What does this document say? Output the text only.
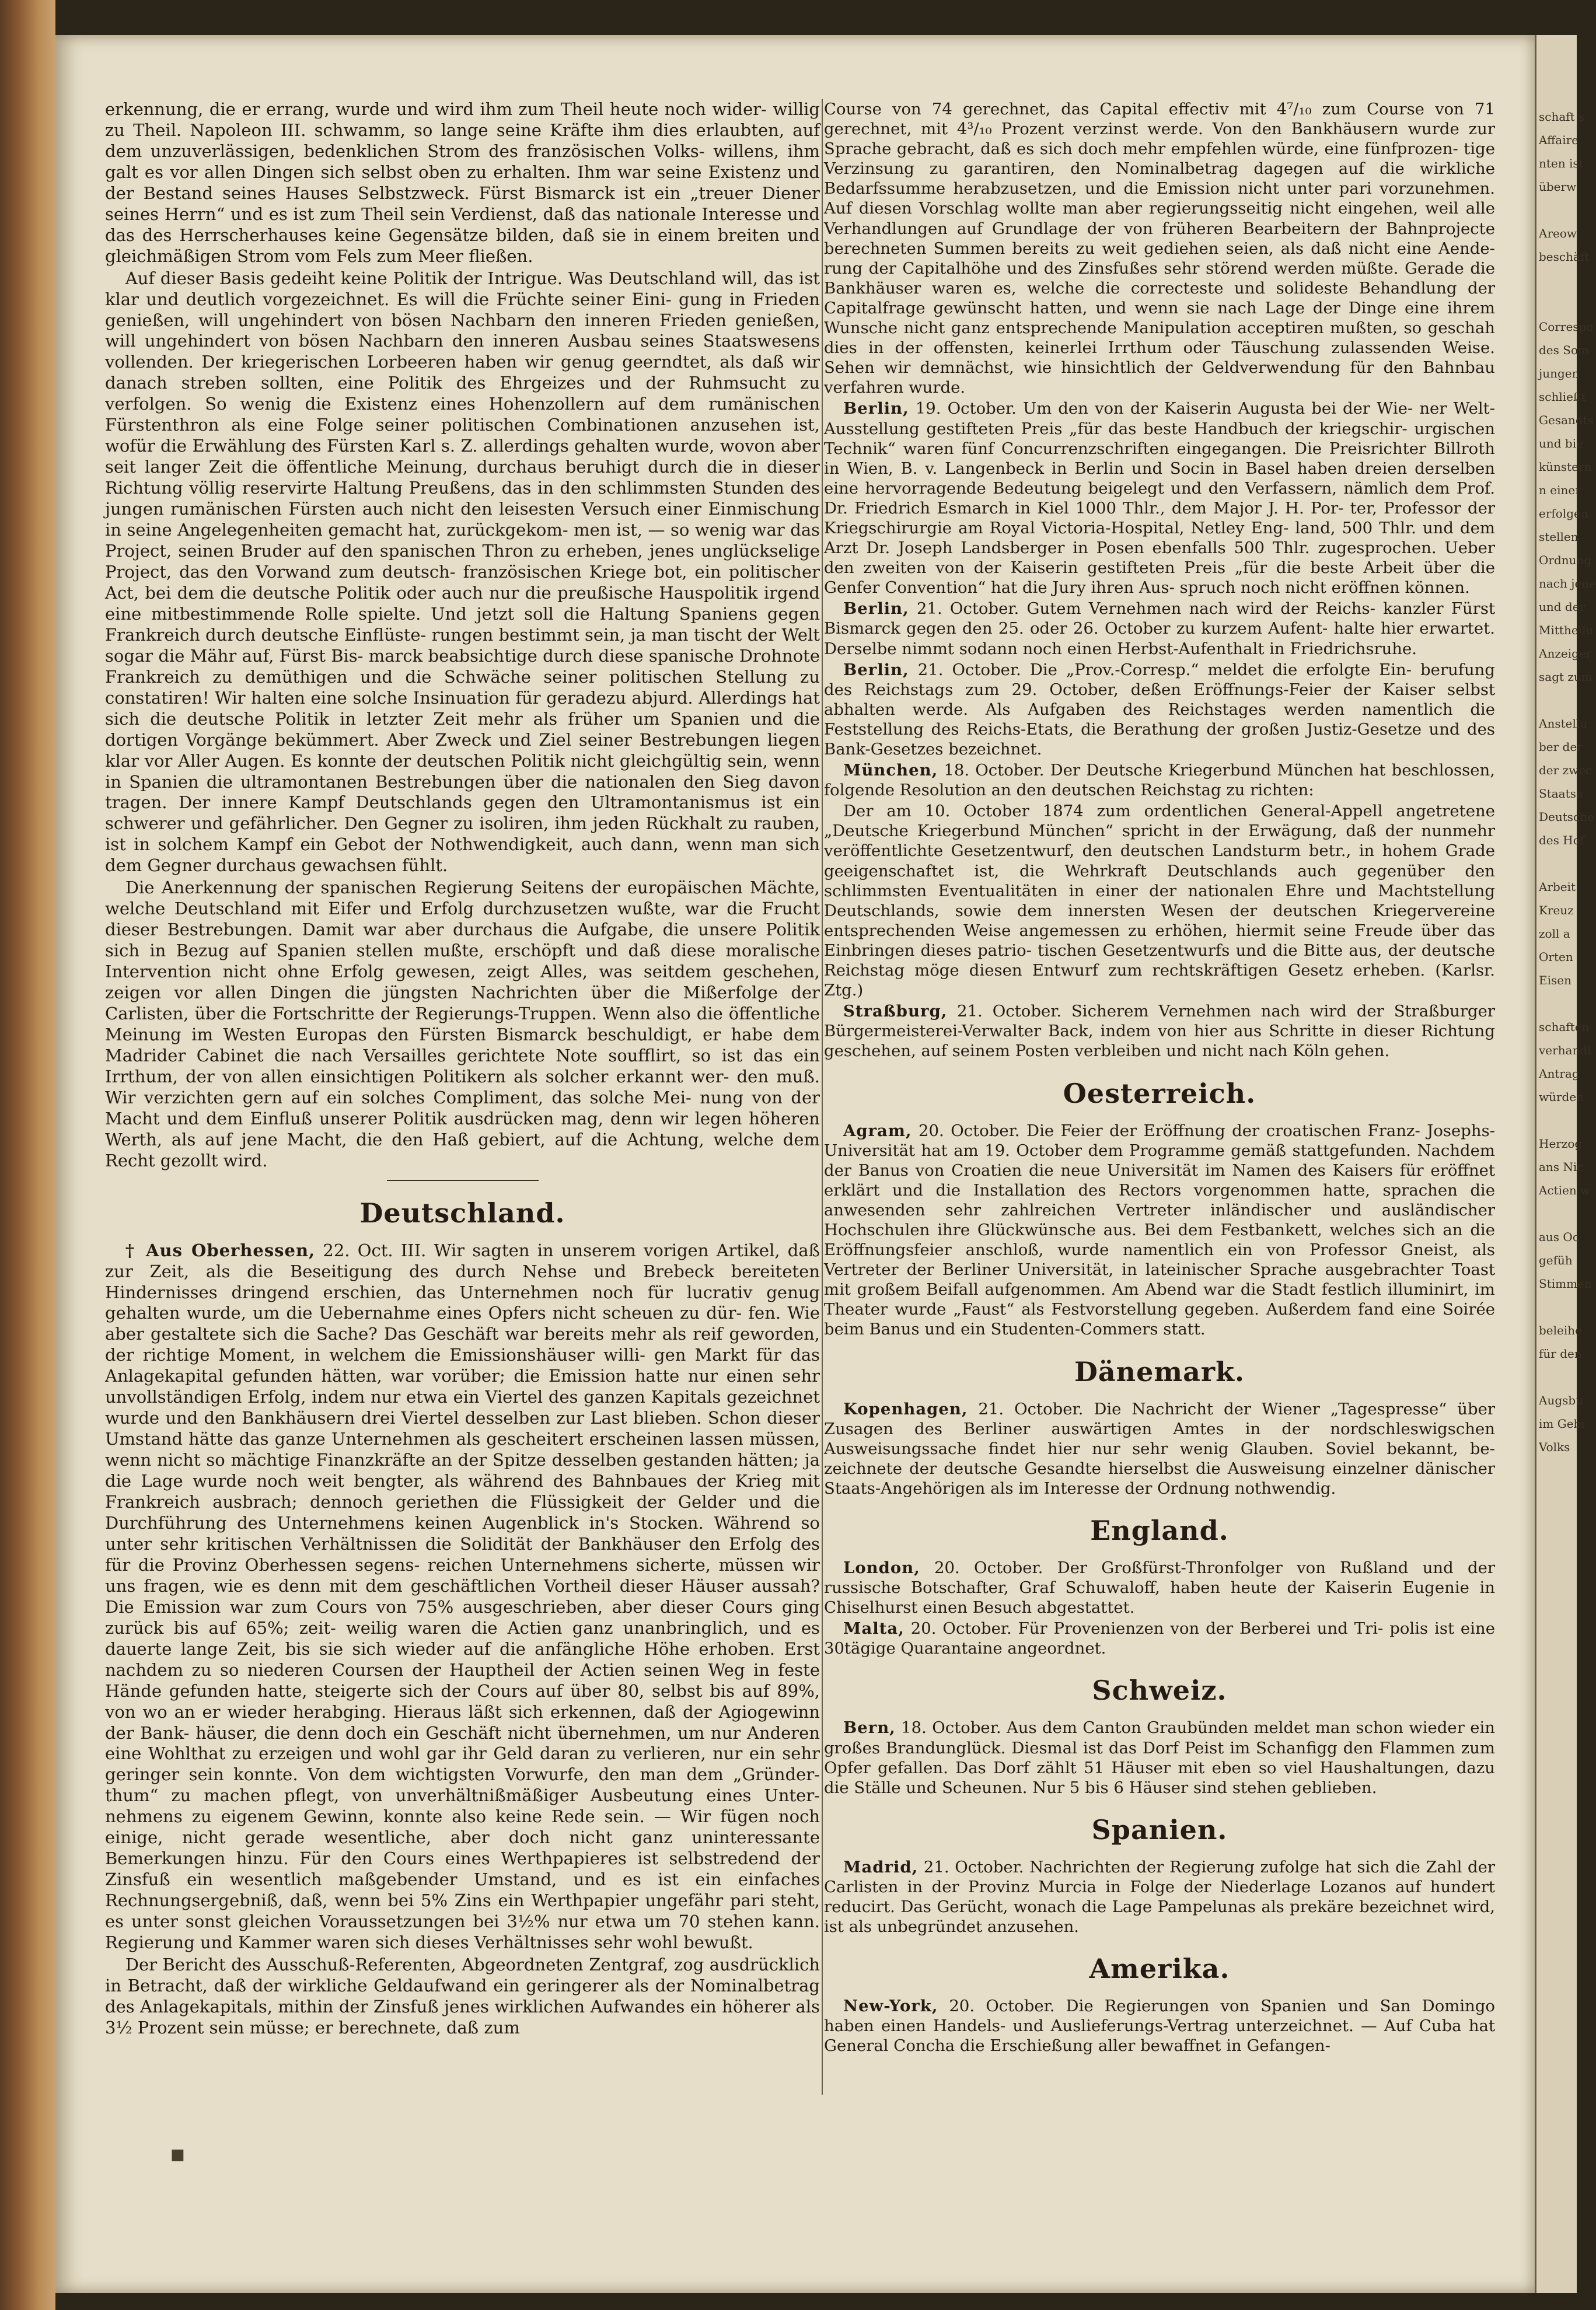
erkennung, die er errang, wurde und wird ihm zum Theil heute noch wider- willig zu Theil. Napoleon III. schwamm, so lange seine Kräfte ihm dies erlaubten, auf dem unzuverlässigen, bedenklichen Strom des französischen Volks- willens, ihm galt es vor allen Dingen sich selbst oben zu erhalten. Ihm war seine Existenz und der Bestand seines Hauses Selbstzweck. Fürst Bismarck ist ein „treuer Diener seines Herrn“ und es ist zum Theil sein Verdienst, daß das nationale Interesse und das des Herrscherhauses keine Gegensätze bilden, daß sie in einem breiten und gleichmäßigen Strom vom Fels zum Meer fließen.

Auf dieser Basis gedeiht keine Politik der Intrigue. Was Deutschland will, das ist klar und deutlich vorgezeichnet. Es will die Früchte seiner Eini- gung in Frieden genießen, will ungehindert von bösen Nachbarn den inneren Frieden genießen, will ungehindert von bösen Nachbarn den inneren Ausbau seines Staatswesens vollenden. Der kriegerischen Lorbeeren haben wir genug geerndtet, als daß wir danach streben sollten, eine Politik des Ehrgeizes und der Ruhmsucht zu verfolgen. So wenig die Existenz eines Hohenzollern auf dem rumänischen Fürstenthron als eine Folge seiner politischen Combinationen anzusehen ist, wofür die Erwählung des Fürsten Karl s. Z. allerdings gehalten wurde, wovon aber seit langer Zeit die öffentliche Meinung, durchaus beruhigt durch die in dieser Richtung völlig reservirte Haltung Preußens, das in den schlimmsten Stunden des jungen rumänischen Fürsten auch nicht den leisesten Versuch einer Einmischung in seine Angelegenheiten gemacht hat, zurückgekom- men ist, — so wenig war das Project, seinen Bruder auf den spanischen Thron zu erheben, jenes unglückselige Project, das den Vorwand zum deutsch- französischen Kriege bot, ein politischer Act, bei dem die deutsche Politik oder auch nur die preußische Hauspolitik irgend eine mitbestimmende Rolle spielte. Und jetzt soll die Haltung Spaniens gegen Frankreich durch deutsche Einflüste- rungen bestimmt sein, ja man tischt der Welt sogar die Mähr auf, Fürst Bis- marck beabsichtige durch diese spanische Drohnote Frankreich zu demüthigen und die Schwäche seiner politischen Stellung zu constatiren! Wir halten eine solche Insinuation für geradezu abjurd. Allerdings hat sich die deutsche Politik in letzter Zeit mehr als früher um Spanien und die dortigen Vorgänge bekümmert. Aber Zweck und Ziel seiner Bestrebungen liegen klar vor Aller Augen. Es konnte der deutschen Politik nicht gleichgültig sein, wenn in Spanien die ultramontanen Bestrebungen über die nationalen den Sieg davon tragen. Der innere Kampf Deutschlands gegen den Ultramontanismus ist ein schwerer und gefährlicher. Den Gegner zu isoliren, ihm jeden Rückhalt zu rauben, ist in solchem Kampf ein Gebot der Nothwendigkeit, auch dann, wenn man sich dem Gegner durchaus gewachsen fühlt.

Die Anerkennung der spanischen Regierung Seitens der europäischen Mächte, welche Deutschland mit Eifer und Erfolg durchzusetzen wußte, war die Frucht dieser Bestrebungen. Damit war aber durchaus die Aufgabe, die unsere Politik sich in Bezug auf Spanien stellen mußte, erschöpft und daß diese moralische Intervention nicht ohne Erfolg gewesen, zeigt Alles, was seitdem geschehen, zeigen vor allen Dingen die jüngsten Nachrichten über die Mißerfolge der Carlisten, über die Fortschritte der Regierungs-Truppen. Wenn also die öffentliche Meinung im Westen Europas den Fürsten Bismarck beschuldigt, er habe dem Madrider Cabinet die nach Versailles gerichtete Note soufflirt, so ist das ein Irrthum, der von allen einsichtigen Politikern als solcher erkannt wer- den muß. Wir verzichten gern auf ein solches Compliment, das solche Mei- nung von der Macht und dem Einfluß unserer Politik ausdrücken mag, denn wir legen höheren Werth, als auf jene Macht, die den Haß gebiert, auf die Achtung, welche dem Recht gezollt wird.

Deutschland.

† Aus Oberhessen, 22. Oct. III. Wir sagten in unserem vorigen Artikel, daß zur Zeit, als die Beseitigung des durch Nehse und Brebeck bereiteten Hindernisses dringend erschien, das Unternehmen noch für lucrativ genug gehalten wurde, um die Uebernahme eines Opfers nicht scheuen zu dür- fen. Wie aber gestaltete sich die Sache? Das Geschäft war bereits mehr als reif geworden, der richtige Moment, in welchem die Emissionshäuser willi- gen Markt für das Anlagekapital gefunden hätten, war vorüber; die Emission hatte nur einen sehr unvollständigen Erfolg, indem nur etwa ein Viertel des ganzen Kapitals gezeichnet wurde und den Bankhäusern drei Viertel desselben zur Last blieben. Schon dieser Umstand hätte das ganze Unternehmen als gescheitert erscheinen lassen müssen, wenn nicht so mächtige Finanzkräfte an der Spitze desselben gestanden hätten; ja die Lage wurde noch weit bengter, als während des Bahnbaues der Krieg mit Frankreich ausbrach; dennoch geriethen die Flüssigkeit der Gelder und die Durchführung des Unternehmens keinen Augenblick in's Stocken. Während so unter sehr kritischen Verhältnissen die Solidität der Bankhäuser den Erfolg des für die Provinz Oberhessen segens- reichen Unternehmens sicherte, müssen wir uns fragen, wie es denn mit dem geschäftlichen Vortheil dieser Häuser aussah? Die Emission war zum Cours von 75% ausgeschrieben, aber dieser Cours ging zurück bis auf 65%; zeit- weilig waren die Actien ganz unanbringlich, und es dauerte lange Zeit, bis sie sich wieder auf die anfängliche Höhe erhoben. Erst nachdem zu so niederen Coursen der Hauptheil der Actien seinen Weg in feste Hände gefunden hatte, steigerte sich der Cours auf über 80, selbst bis auf 89%, von wo an er wieder herabging. Hieraus läßt sich erkennen, daß der Agiogewinn der Bank- häuser, die denn doch ein Geschäft nicht übernehmen, um nur Anderen eine Wohlthat zu erzeigen und wohl gar ihr Geld daran zu verlieren, nur ein sehr geringer sein konnte. Von dem wichtigsten Vorwurfe, den man dem „Gründer- thum“ zu machen pflegt, von unverhältnißmäßiger Ausbeutung eines Unter- nehmens zu eigenem Gewinn, konnte also keine Rede sein. — Wir fügen noch einige, nicht gerade wesentliche, aber doch nicht ganz uninteressante Bemerkungen hinzu. Für den Cours eines Werthpapieres ist selbstredend der Zinsfuß ein wesentlich maßgebender Umstand, und es ist ein einfaches Rechnungsergebniß, daß, wenn bei 5% Zins ein Werthpapier ungefähr pari steht, es unter sonst gleichen Voraussetzungen bei 3½% nur etwa um 70 stehen kann. Regierung und Kammer waren sich dieses Verhältnisses sehr wohl bewußt.

Der Bericht des Ausschuß-Referenten, Abgeordneten Zentgraf, zog ausdrücklich in Betracht, daß der wirkliche Geldaufwand ein geringerer als der Nominalbetrag des Anlagekapitals, mithin der Zinsfuß jenes wirklichen Aufwandes ein höherer als 3½ Prozent sein müsse; er berechnete, daß zum

Course von 74 gerechnet, das Capital effectiv mit 4⁷/₁₀ zum Course von 71 gerechnet, mit 4³/₁₀ Prozent verzinst werde. Von den Bankhäusern wurde zur Sprache gebracht, daß es sich doch mehr empfehlen würde, eine fünfprozen- tige Verzinsung zu garantiren, den Nominalbetrag dagegen auf die wirkliche Bedarfssumme herabzusetzen, und die Emission nicht unter pari vorzunehmen. Auf diesen Vorschlag wollte man aber regierungsseitig nicht eingehen, weil alle Verhandlungen auf Grundlage der von früheren Bearbeitern der Bahnprojecte berechneten Summen bereits zu weit gediehen seien, als daß nicht eine Aende- rung der Capitalhöhe und des Zinsfußes sehr störend werden müßte. Gerade die Bankhäuser waren es, welche die correcteste und solideste Behandlung der Capitalfrage gewünscht hatten, und wenn sie nach Lage der Dinge eine ihrem Wunsche nicht ganz entsprechende Manipulation acceptiren mußten, so geschah dies in der offensten, keinerlei Irrthum oder Täuschung zulassenden Weise. Sehen wir demnächst, wie hinsichtlich der Geldverwendung für den Bahnbau verfahren wurde.

Berlin, 19. October. Um den von der Kaiserin Augusta bei der Wie- ner Welt-Ausstellung gestifteten Preis „für das beste Handbuch der kriegschir- urgischen Technik“ waren fünf Concurrenzschriften eingegangen. Die Preisrichter Billroth in Wien, B. v. Langenbeck in Berlin und Socin in Basel haben dreien derselben eine hervorragende Bedeutung beigelegt und den Verfassern, nämlich dem Prof. Dr. Friedrich Esmarch in Kiel 1000 Thlr., dem Major J. H. Por- ter, Professor der Kriegschirurgie am Royal Victoria-Hospital, Netley Eng- land, 500 Thlr. und dem Arzt Dr. Joseph Landsberger in Posen ebenfalls 500 Thlr. zugesprochen. Ueber den zweiten von der Kaiserin gestifteten Preis „für die beste Arbeit über die Genfer Convention“ hat die Jury ihren Aus- spruch noch nicht eröffnen können.

Berlin, 21. October. Gutem Vernehmen nach wird der Reichs- kanzler Fürst Bismarck gegen den 25. oder 26. October zu kurzem Aufent- halte hier erwartet. Derselbe nimmt sodann noch einen Herbst-Aufenthalt in Friedrichsruhe.

Berlin, 21. October. Die „Prov.-Corresp.“ meldet die erfolgte Ein- berufung des Reichstags zum 29. October, deßen Eröffnungs-Feier der Kaiser selbst abhalten werde. Als Aufgaben des Reichstages werden namentlich die Feststellung des Reichs-Etats, die Berathung der großen Justiz-Gesetze und des Bank-Gesetzes bezeichnet.

München, 18. October. Der Deutsche Kriegerbund München hat beschlossen, folgende Resolution an den deutschen Reichstag zu richten:

Der am 10. October 1874 zum ordentlichen General-Appell angetretene „Deutsche Kriegerbund München“ spricht in der Erwägung, daß der nunmehr veröffentlichte Gesetzentwurf, den deutschen Landsturm betr., in hohem Grade geeigenschaftet ist, die Wehrkraft Deutschlands auch gegenüber den schlimmsten Eventualitäten in einer der nationalen Ehre und Machtstellung Deutschlands, sowie dem innersten Wesen der deutschen Kriegervereine entsprechenden Weise angemessen zu erhöhen, hiermit seine Freude über das Einbringen dieses patrio- tischen Gesetzentwurfs und die Bitte aus, der deutsche Reichstag möge diesen Entwurf zum rechtskräftigen Gesetz erheben. (Karlsr. Ztg.)

Straßburg, 21. October. Sicherem Vernehmen nach wird der Straßburger Bürgermeisterei-Verwalter Back, indem von hier aus Schritte in dieser Richtung geschehen, auf seinem Posten verbleiben und nicht nach Köln gehen.

Oesterreich.

Agram, 20. October. Die Feier der Eröffnung der croatischen Franz- Josephs-Universität hat am 19. October dem Programme gemäß stattgefunden. Nachdem der Banus von Croatien die neue Universität im Namen des Kaisers für eröffnet erklärt und die Installation des Rectors vorgenommen hatte, sprachen die anwesenden sehr zahlreichen Vertreter inländischer und ausländischer Hochschulen ihre Glückwünsche aus. Bei dem Festbankett, welches sich an die Eröffnungsfeier anschloß, wurde namentlich ein von Professor Gneist, als Vertreter der Berliner Universität, in lateinischer Sprache ausgebrachter Toast mit großem Beifall aufgenommen. Am Abend war die Stadt festlich illuminirt, im Theater wurde „Faust“ als Festvorstellung gegeben. Außerdem fand eine Soirée beim Banus und ein Studenten-Commers statt.

Dänemark.

Kopenhagen, 21. October. Die Nachricht der Wiener „Tagespresse“ über Zusagen des Berliner auswärtigen Amtes in der nordschleswigschen Ausweisungssache findet hier nur sehr wenig Glauben. Soviel bekannt, be- zeichnete der deutsche Gesandte hierselbst die Ausweisung einzelner dänischer Staats-Angehörigen als im Interesse der Ordnung nothwendig.

England.

London, 20. October. Der Großfürst-Thronfolger von Rußland und der russische Botschafter, Graf Schuwaloff, haben heute der Kaiserin Eugenie in Chiselhurst einen Besuch abgestattet.

Malta, 20. October. Für Provenienzen von der Berberei und Tri- polis ist eine 30tägige Quarantaine angeordnet.

Schweiz.

Bern, 18. October. Aus dem Canton Graubünden meldet man schon wieder ein großes Brandunglück. Diesmal ist das Dorf Peist im Schanfigg den Flammen zum Opfer gefallen. Das Dorf zählt 51 Häuser mit eben so viel Haushaltungen, dazu die Ställe und Scheunen. Nur 5 bis 6 Häuser sind stehen geblieben.

Spanien.

Madrid, 21. October. Nachrichten der Regierung zufolge hat sich die Zahl der Carlisten in der Provinz Murcia in Folge der Niederlage Lozanos auf hundert reducirt. Das Gerücht, wonach die Lage Pampelunas als prekäre bezeichnet wird, ist als unbegründet anzusehen.

Amerika.

New-York, 20. October. Die Regierungen von Spanien und San Domingo haben einen Handels- und Auslieferungs-Vertrag unterzeichnet. — Auf Cuba hat General Concha die Erschießung aller bewaffnet in Gefangen-

■
schaft s
Affaire
nten ist
überw

Areow
beschäft

Correspo
des Som
jungen
schließt
Gesandts
und bie
künstern
n einer
erfolgen
stellen
Ordnung
nach jene
und der
Mittheilu
Anzeiger
sagt zum

Anstellu
ber der
der zwec
Staatsa
Deutsche
des Hof

Arbeit
Kreuz
zoll a
Orten
Eisen

schaften
verhandl
Antrag
würden

Herzog
ans Nic
Actien w

aus Oc
gefüh
Stimmen

beleihe
für den

Augsbu
im Gebi
Volks
